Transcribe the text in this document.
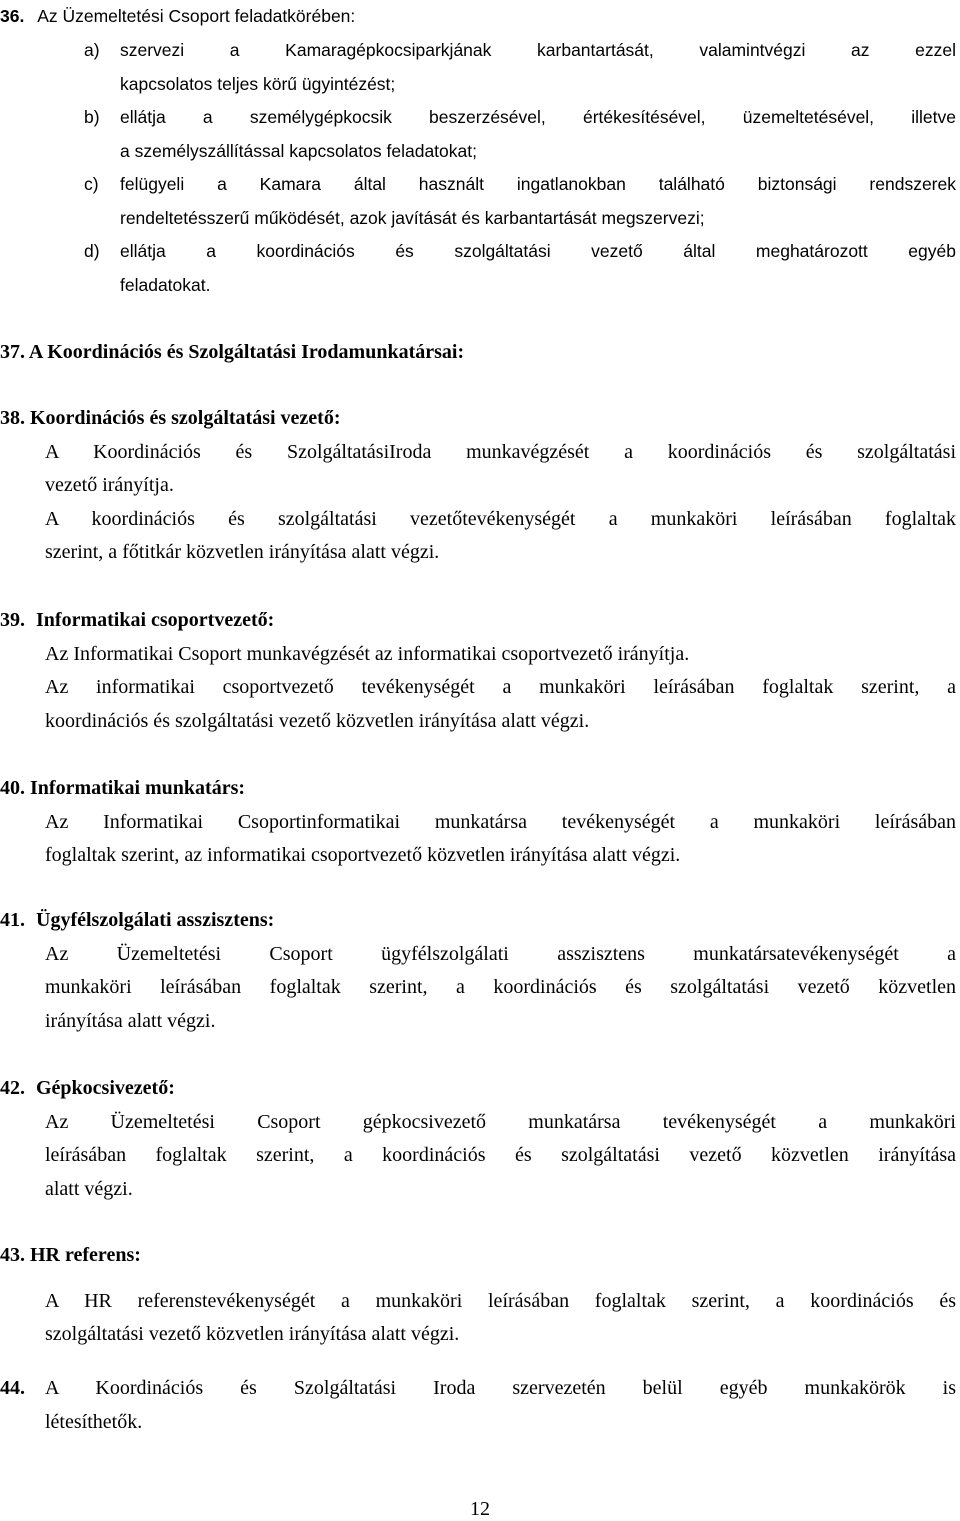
36. Az Üzemeltetési Csoport feladatkörében:
a)	szervezi a Kamaragépkocsiparkjának karbantartását, valamintvégzi az ezzel
kapcsolatos teljes körű ügyintézést;
b)	ellátja a személygépkocsik beszerzésével, értékesítésével, üzemeltetésével, illetve
a személyszállítással kapcsolatos feladatokat;
c)	felügyeli a Kamara által használt ingatlanokban található biztonsági rendszerek
rendeltetésszerű működését, azok javítását és karbantartását megszervezi;
d)	ellátja a koordinációs és szolgáltatási vezető által meghatározott egyéb
feladatokat.
37. A Koordinációs és Szolgáltatási Irodamunkatársai:
38. Koordinációs és szolgáltatási vezető:

A Koordinációs és SzolgáltatásiIroda munkavégzését a koordinációs és szolgáltatási

vezető irányítja.

A koordinációs és szolgáltatási vezetőtevékenységét a munkaköri leírásában foglaltak

szerint, a főtitkár közvetlen irányítása alatt végzi.

39. Informatikai csoportvezető:

Az Informatikai Csoport munkavégzését az informatikai csoportvezető irányítja.

Az informatikai csoportvezető tevékenységét a munkaköri leírásában foglaltak szerint, a

koordinációs és szolgáltatási vezető közvetlen irányítása alatt végzi.

40. Informatikai munkatárs:

Az Informatikai Csoportinformatikai munkatársa tevékenységét a munkaköri leírásában

foglaltak szerint, az informatikai csoportvezető közvetlen irányítása alatt végzi.

41. Ügyfélszolgálati asszisztens:

Az Üzemeltetési Csoport ügyfélszolgálati asszisztens munkatársatevékenységét a

munkaköri leírásában foglaltak szerint, a koordinációs és szolgáltatási vezető közvetlen

irányítása alatt végzi.

42. Gépkocsivezető:

Az Üzemeltetési Csoport gépkocsivezető munkatársa tevékenységét a munkaköri

leírásában foglaltak szerint, a koordinációs és szolgáltatási vezető közvetlen irányítása

alatt végzi.

43. HR referens:

A HR referenstevékenységét a munkaköri leírásában foglaltak szerint, a koordinációs és

szolgáltatási vezető közvetlen irányítása alatt végzi.

44.	A Koordinációs és Szolgáltatási Iroda szervezetén belül egyéb munkakörök is
létesíthetők.
12
